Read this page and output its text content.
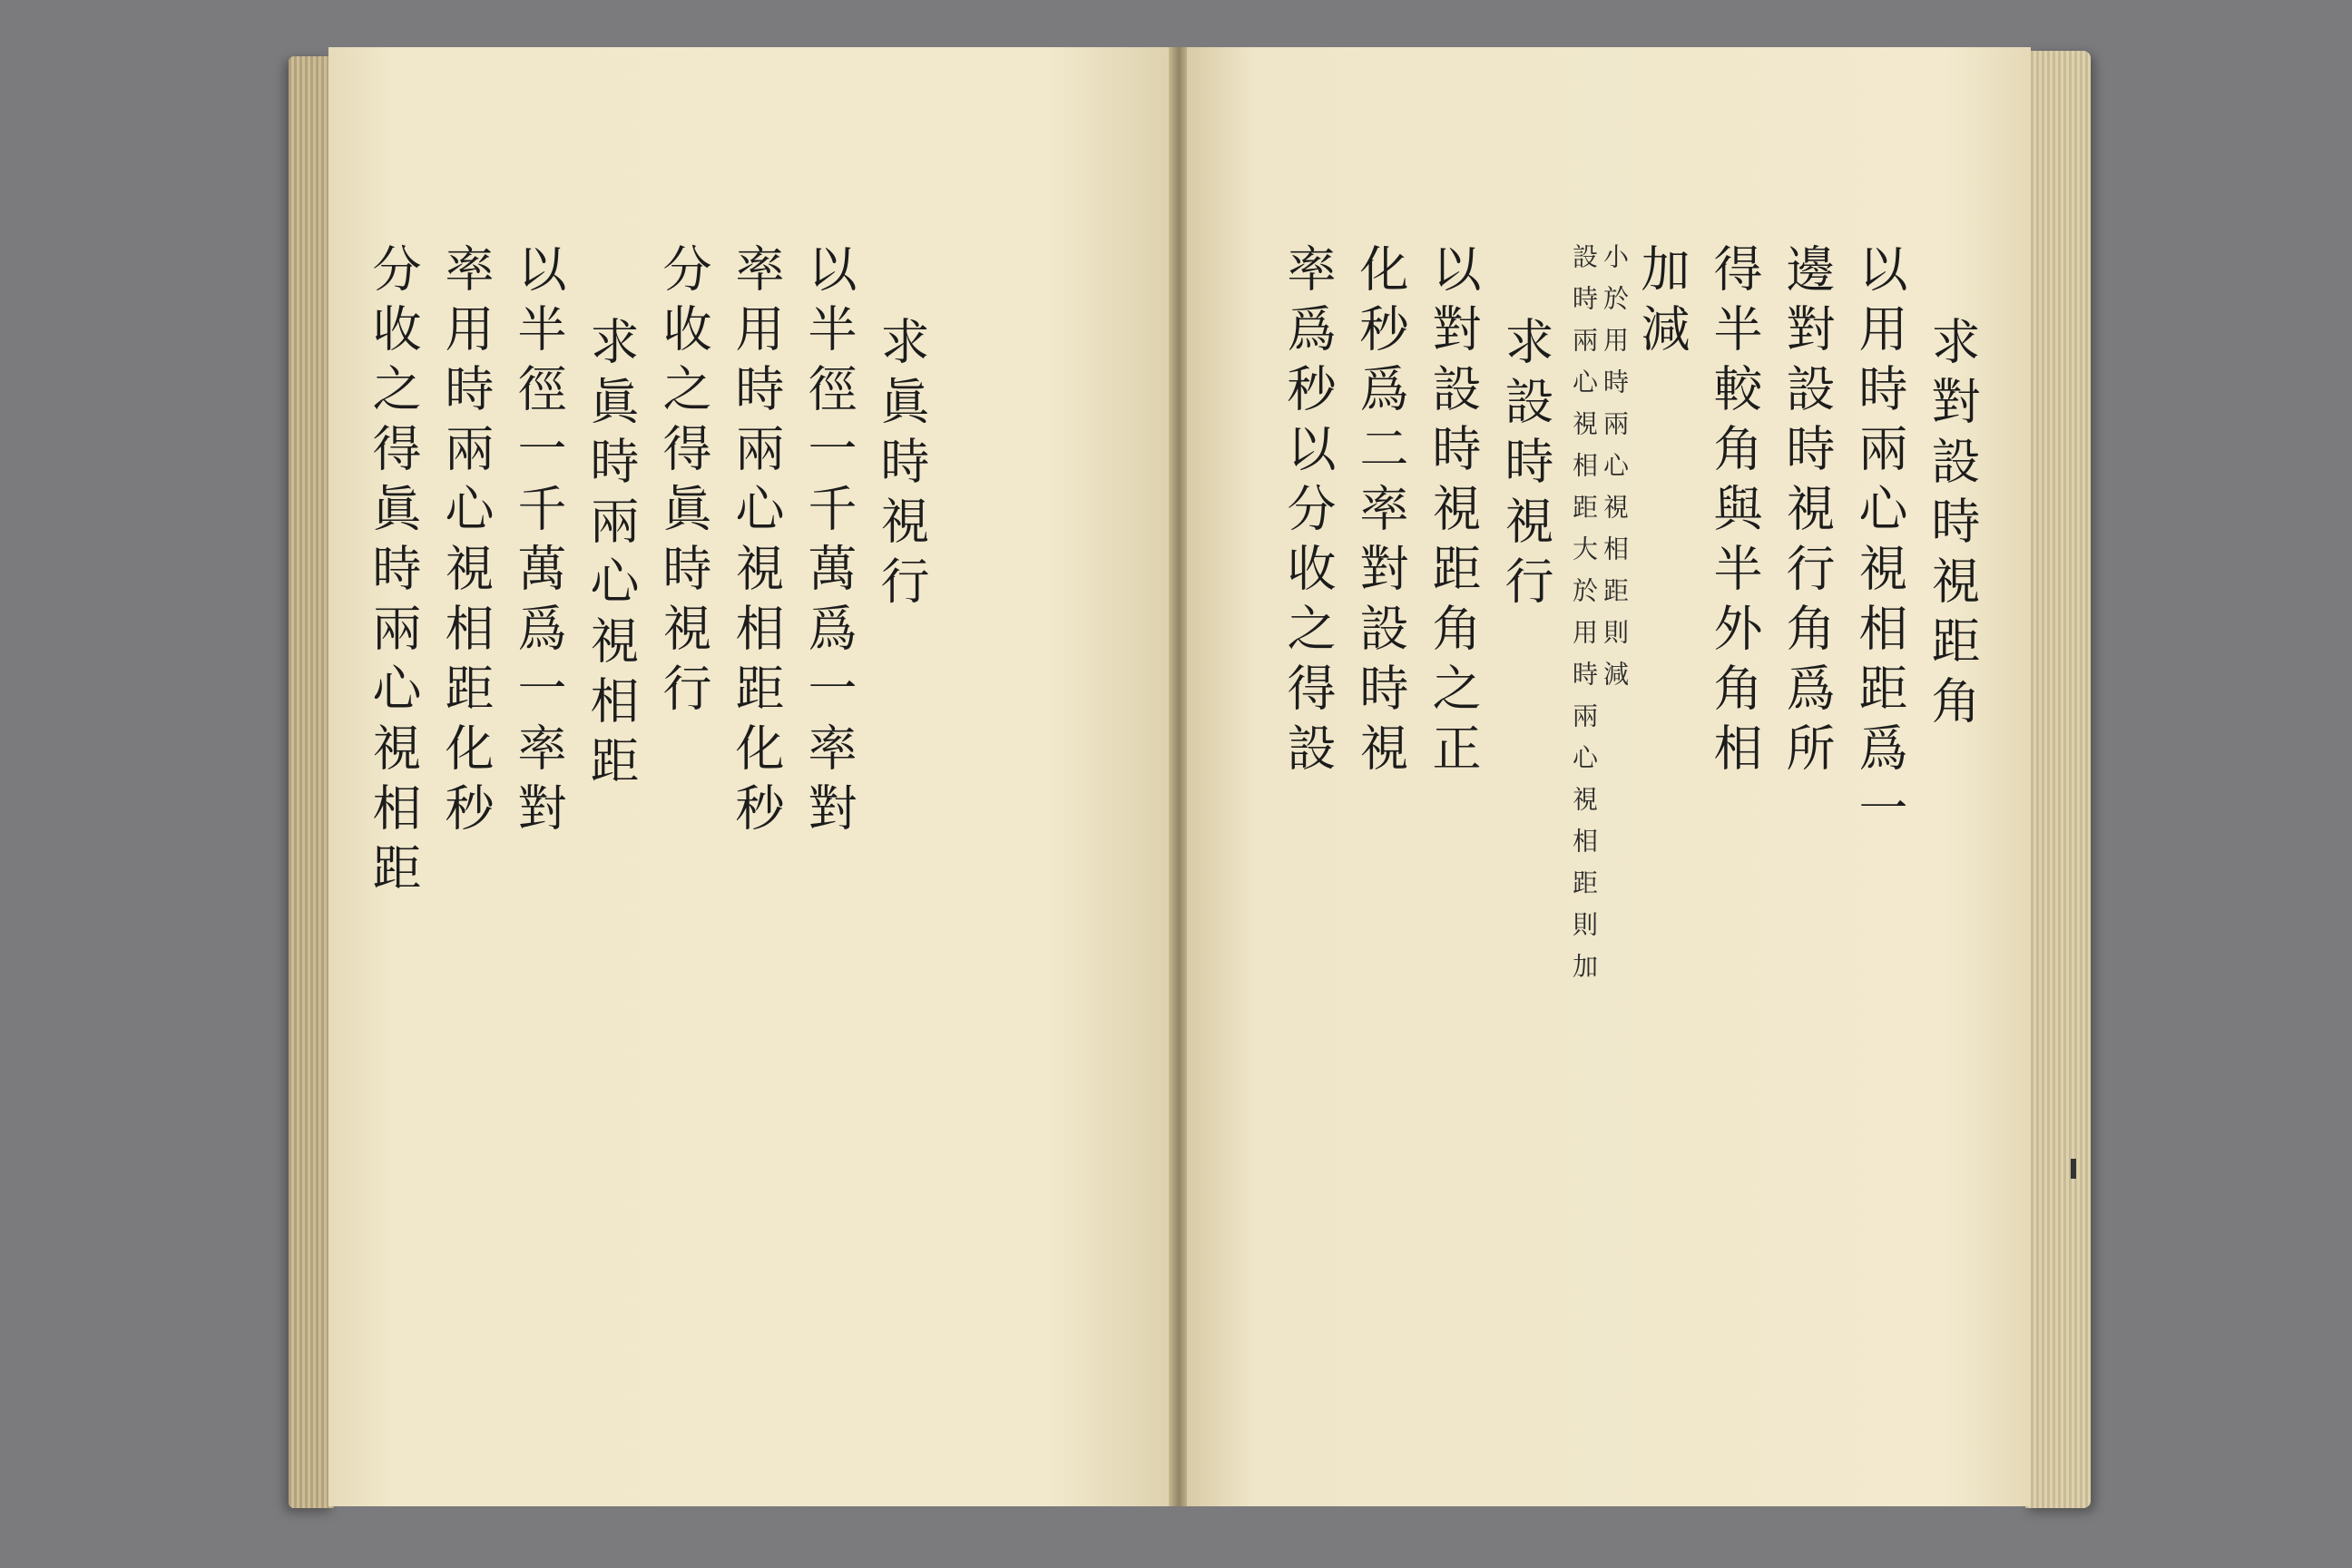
求眞時視行
以半徑一千萬爲一率對
率用時兩心視相距化秒
分收之得眞時視行
求眞時兩心視相距
以半徑一千萬爲一率對
率用時兩心視相距化秒
分收之得眞時兩心視相距	求對設時視距角
以用時兩心視相距爲一
邊對設時視行角爲所
得半較角與半外角相
加減
小於用時兩心視相距則減
設時兩心視相距大於用時兩心視相距則加
求設時視行
以對設時視距角之正
化秒爲二率對設時視
率爲秒以分收之得設
